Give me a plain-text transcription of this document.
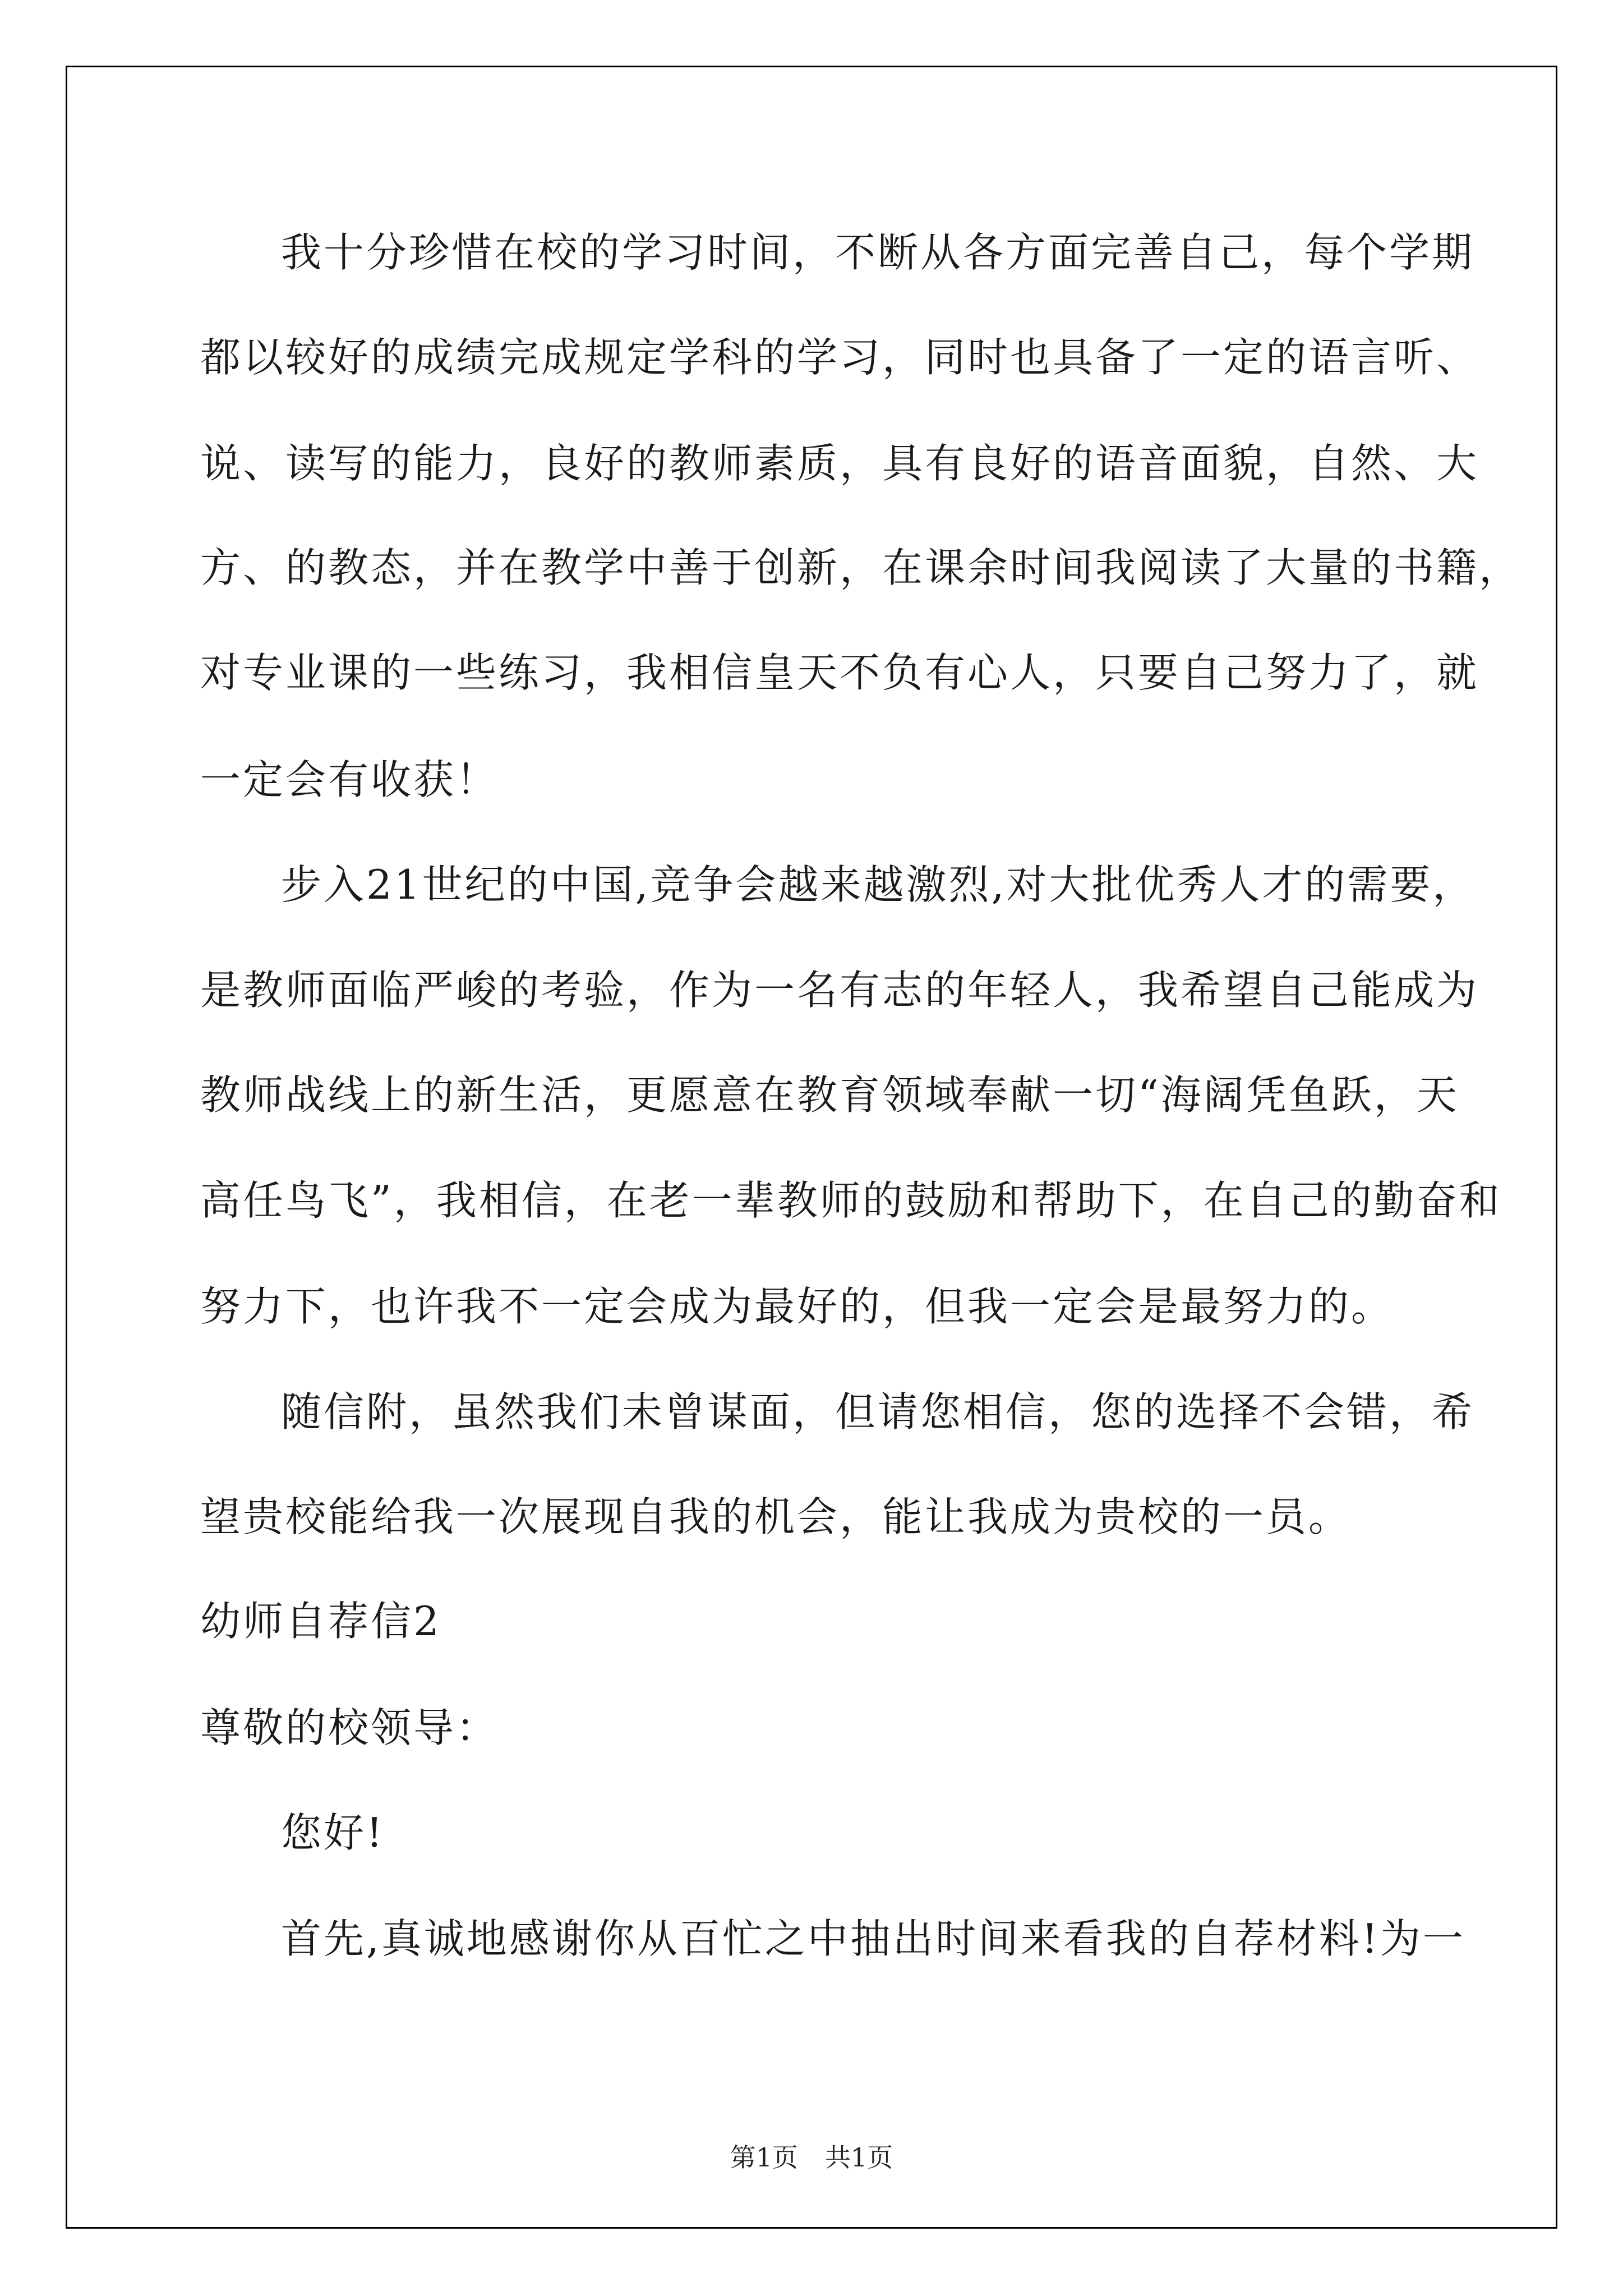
我十分珍惜在校的学习时间，不断从各方面完善自己，每个学期
都以较好的成绩完成规定学科的学习，同时也具备了一定的语言听、
说、读写的能力，良好的教师素质，具有良好的语音面貌，自然、大
方、的教态，并在教学中善于创新，在课余时间我阅读了大量的书籍，
对专业课的一些练习，我相信皇天不负有心人，只要自己努力了，就
一定会有收获！
步入21世纪的中国,竞争会越来越激烈,对大批优秀人才的需要，
是教师面临严峻的考验，作为一名有志的年轻人，我希望自己能成为
教师战线上的新生活，更愿意在教育领域奉献一切“海阔凭鱼跃，天
高任鸟飞”，我相信，在老一辈教师的鼓励和帮助下，在自己的勤奋和
努力下，也许我不一定会成为最好的，但我一定会是最努力的。
随信附，虽然我们未曾谋面，但请您相信，您的选择不会错，希
望贵校能给我一次展现自我的机会，能让我成为贵校的一员。
幼师自荐信2
尊敬的校领导：
您好!
首先,真诚地感谢你从百忙之中抽出时间来看我的自荐材料!为一
第1页 共1页
